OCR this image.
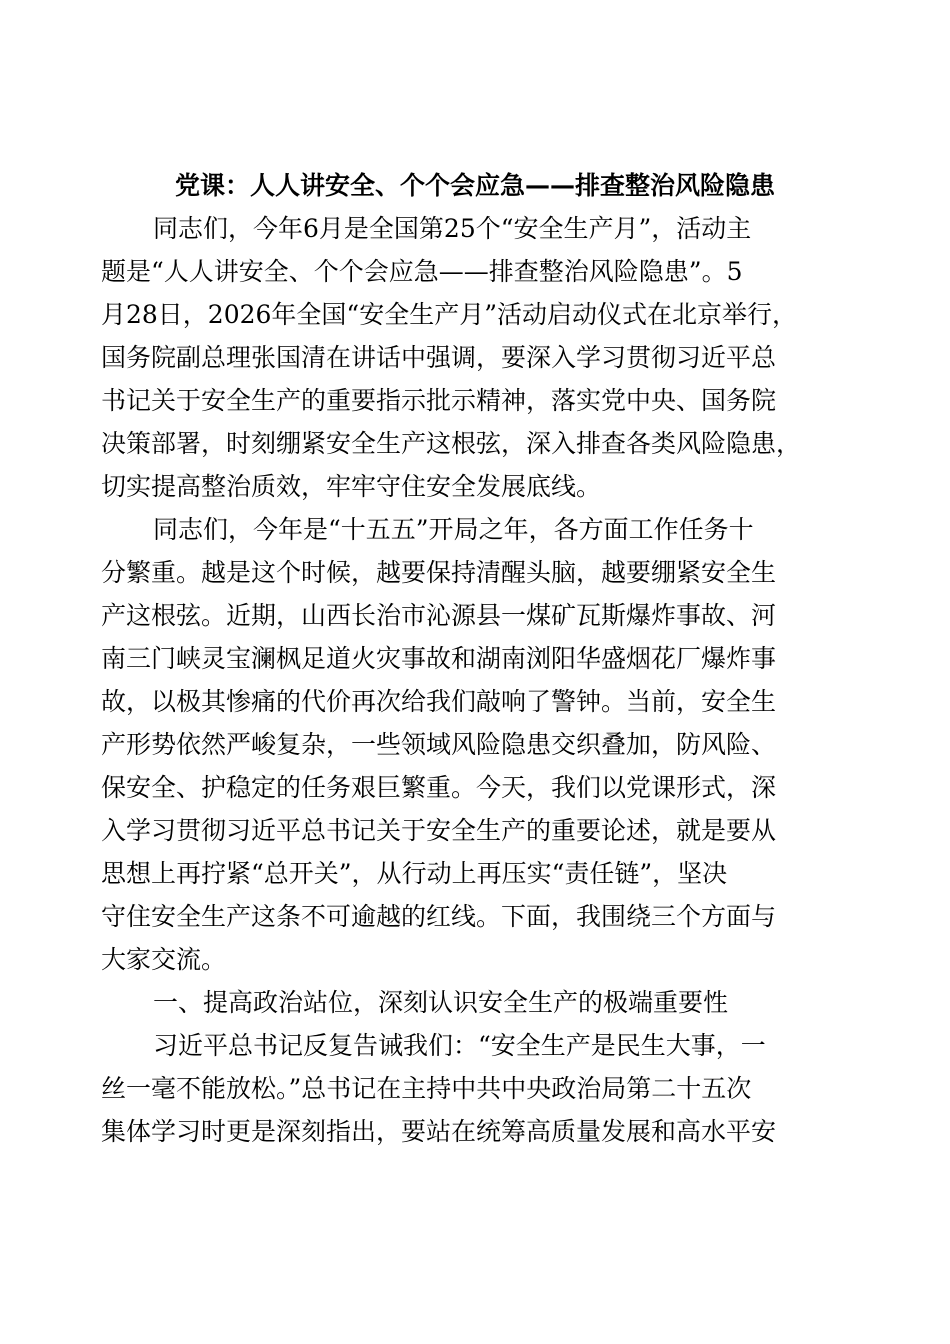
党课：人人讲安全、个个会应急——排查整治风险隐患

同志们，今年6月是全国第25个“安全生产月”，活动主

题是“人人讲安全、个个会应急——排查整治风险隐患”。5

月28日，2026年全国“安全生产月”活动启动仪式在北京举行，

国务院副总理张国清在讲话中强调，要深入学习贯彻习近平总

书记关于安全生产的重要指示批示精神，落实党中央、国务院

决策部署，时刻绷紧安全生产这根弦，深入排查各类风险隐患，

切实提高整治质效，牢牢守住安全发展底线。

同志们，今年是“十五五”开局之年，各方面工作任务十

分繁重。越是这个时候，越要保持清醒头脑，越要绷紧安全生

产这根弦。近期，山西长治市沁源县一煤矿瓦斯爆炸事故、河

南三门峡灵宝澜枫足道火灾事故和湖南浏阳华盛烟花厂爆炸事

故，以极其惨痛的代价再次给我们敲响了警钟。当前，安全生

产形势依然严峻复杂，一些领域风险隐患交织叠加，防风险、

保安全、护稳定的任务艰巨繁重。今天，我们以党课形式，深

入学习贯彻习近平总书记关于安全生产的重要论述，就是要从

思想上再拧紧“总开关”，从行动上再压实“责任链”，坚决

守住安全生产这条不可逾越的红线。下面，我围绕三个方面与

大家交流。

一、提高政治站位，深刻认识安全生产的极端重要性

习近平总书记反复告诫我们：“安全生产是民生大事，一

丝一毫不能放松。”总书记在主持中共中央政治局第二十五次

集体学习时更是深刻指出，要站在统筹高质量发展和高水平安
